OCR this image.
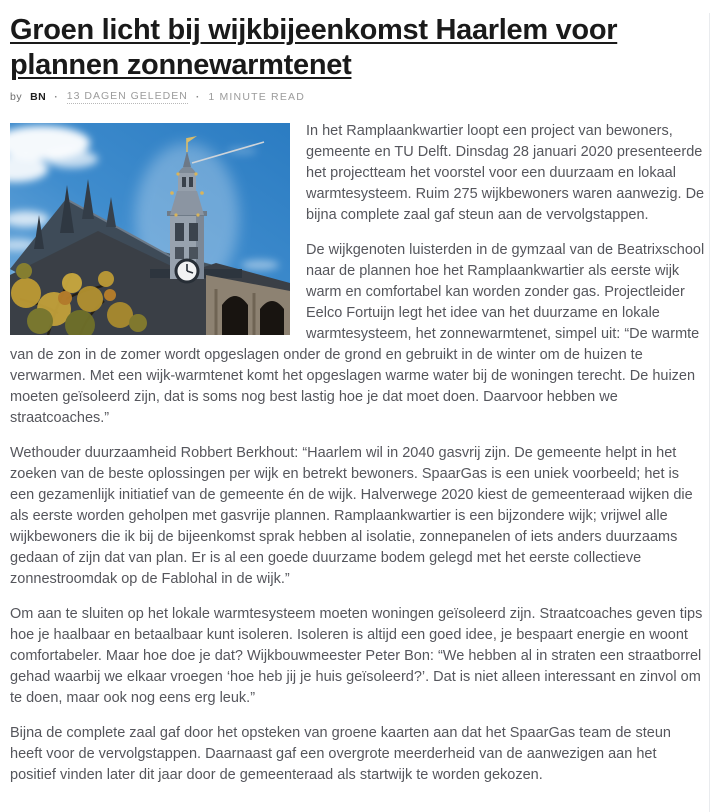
Groen licht bij wijkbijeenkomst Haarlem voor plannen zonnewarmtenet
by BN · 13 DAGEN GELEDEN · 1 MINUTE READ

In het Ramplaankwartier loopt een project van bewoners, gemeente en TU Delft. Dinsdag 28 januari 2020 presenteerde het projectteam het voorstel voor een duurzaam en lokaal warmtesysteem. Ruim 275 wijkbewoners waren aanwezig. De bijna complete zaal gaf steun aan de vervolgstappen.

De wijkgenoten luisterden in de gymzaal van de Beatrixschool naar de plannen hoe het Ramplaankwartier als eerste wijk warm en comfortabel kan worden zonder gas. Projectleider Eelco Fortuijn legt het idee van het duurzame en lokale warmtesysteem, het zonnewarmtenet, simpel uit: “De warmte van de zon in de zomer wordt opgeslagen onder de grond en gebruikt in de winter om de huizen te verwarmen. Met een wijk-warmtenet komt het opgeslagen warme water bij de woningen terecht. De huizen moeten geïsoleerd zijn, dat is soms nog best lastig hoe je dat moet doen. Daarvoor hebben we straatcoaches.”

Wethouder duurzaamheid Robbert Berkhout: “Haarlem wil in 2040 gasvrij zijn. De gemeente helpt in het zoeken van de beste oplossingen per wijk en betrekt bewoners. SpaarGas is een uniek voorbeeld; het is een gezamenlijk initiatief van de gemeente én de wijk. Halverwege 2020 kiest de gemeenteraad wijken die als eerste worden geholpen met gasvrije plannen. Ramplaankwartier is een bijzondere wijk; vrijwel alle wijkbewoners die ik bij de bijeenkomst sprak hebben al isolatie, zonnepanelen of iets anders duurzaams gedaan of zijn dat van plan. Er is al een goede duurzame bodem gelegd met het eerste collectieve zonnestroomdak op de Fablohal in de wijk.”

Om aan te sluiten op het lokale warmtesysteem moeten woningen geïsoleerd zijn. Straatcoaches geven tips hoe je haalbaar en betaalbaar kunt isoleren. Isoleren is altijd een goed idee, je bespaart energie en woont comfortabeler. Maar hoe doe je dat? Wijkbouwmeester Peter Bon: “We hebben al in straten een straatborrel gehad waarbij we elkaar vroegen ‘hoe heb jij je huis geïsoleerd?’. Dat is niet alleen interessant en zinvol om te doen, maar ook nog eens erg leuk.”

Bijna de complete zaal gaf door het opsteken van groene kaarten aan dat het SpaarGas team de steun heeft voor de vervolgstappen. Daarnaast gaf een overgrote meerderheid van de aanwezigen aan het positief vinden later dit jaar door de gemeenteraad als startwijk te worden gekozen.
